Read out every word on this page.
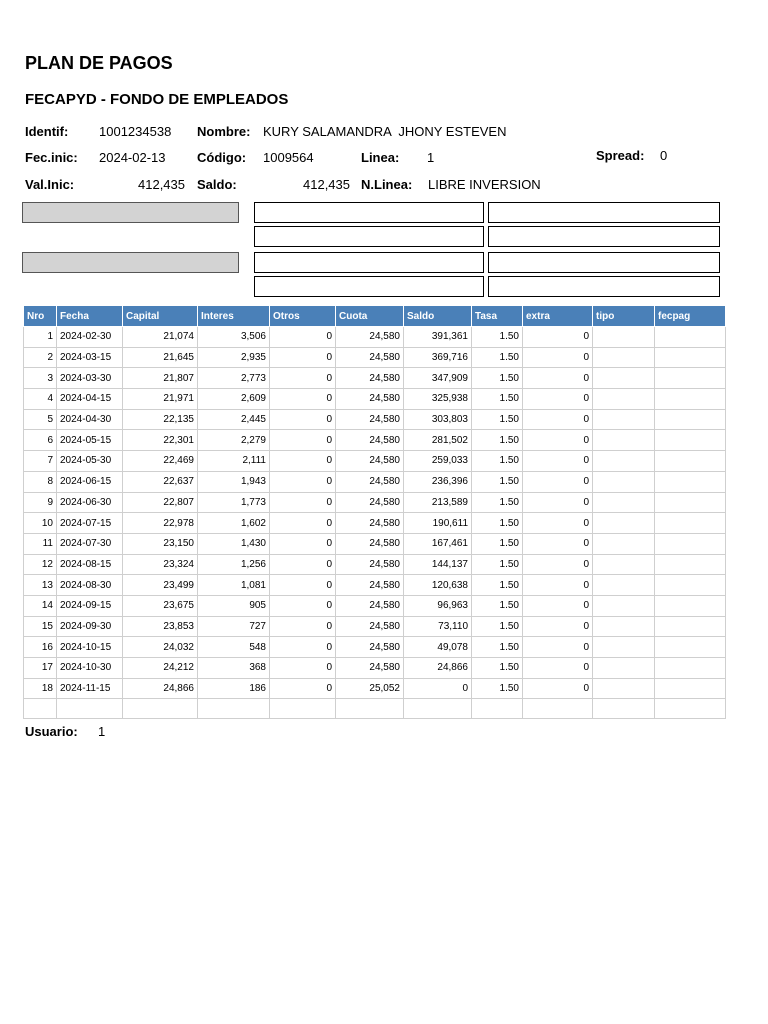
PLAN DE PAGOS
FECAPYD - FONDO DE EMPLEADOS
Identif: 1001234538 Nombre: KURY SALAMANDRA  JHONY ESTEVEN
Fec.inic: 2024-02-13 Código: 1009564	Linea: 1	Spread: 0
Val.Inic:	412,435 Saldo:	412,435 N.Linea: LIBRE INVERSION
Nro	Fecha	Capital	Interes	Otros	Cuota	Saldo	Tasa	extra	tipo	fecpag
1	2024-02-30	21,074	3,506	0	24,580	391,361	1.50	0		
2	2024-03-15	21,645	2,935	0	24,580	369,716	1.50	0		
3	2024-03-30	21,807	2,773	0	24,580	347,909	1.50	0		
4	2024-04-15	21,971	2,609	0	24,580	325,938	1.50	0		
5	2024-04-30	22,135	2,445	0	24,580	303,803	1.50	0		
6	2024-05-15	22,301	2,279	0	24,580	281,502	1.50	0		
7	2024-05-30	22,469	2,111	0	24,580	259,033	1.50	0		
8	2024-06-15	22,637	1,943	0	24,580	236,396	1.50	0		
9	2024-06-30	22,807	1,773	0	24,580	213,589	1.50	0		
10	2024-07-15	22,978	1,602	0	24,580	190,611	1.50	0		
11	2024-07-30	23,150	1,430	0	24,580	167,461	1.50	0		
12	2024-08-15	23,324	1,256	0	24,580	144,137	1.50	0		
13	2024-08-30	23,499	1,081	0	24,580	120,638	1.50	0		
14	2024-09-15	23,675	905	0	24,580	96,963	1.50	0		
15	2024-09-30	23,853	727	0	24,580	73,110	1.50	0		
16	2024-10-15	24,032	548	0	24,580	49,078	1.50	0		
17	2024-10-30	24,212	368	0	24,580	24,866	1.50	0		
18	2024-11-15	24,866	186	0	25,052	0	1.50	0		

Usuario: 1
